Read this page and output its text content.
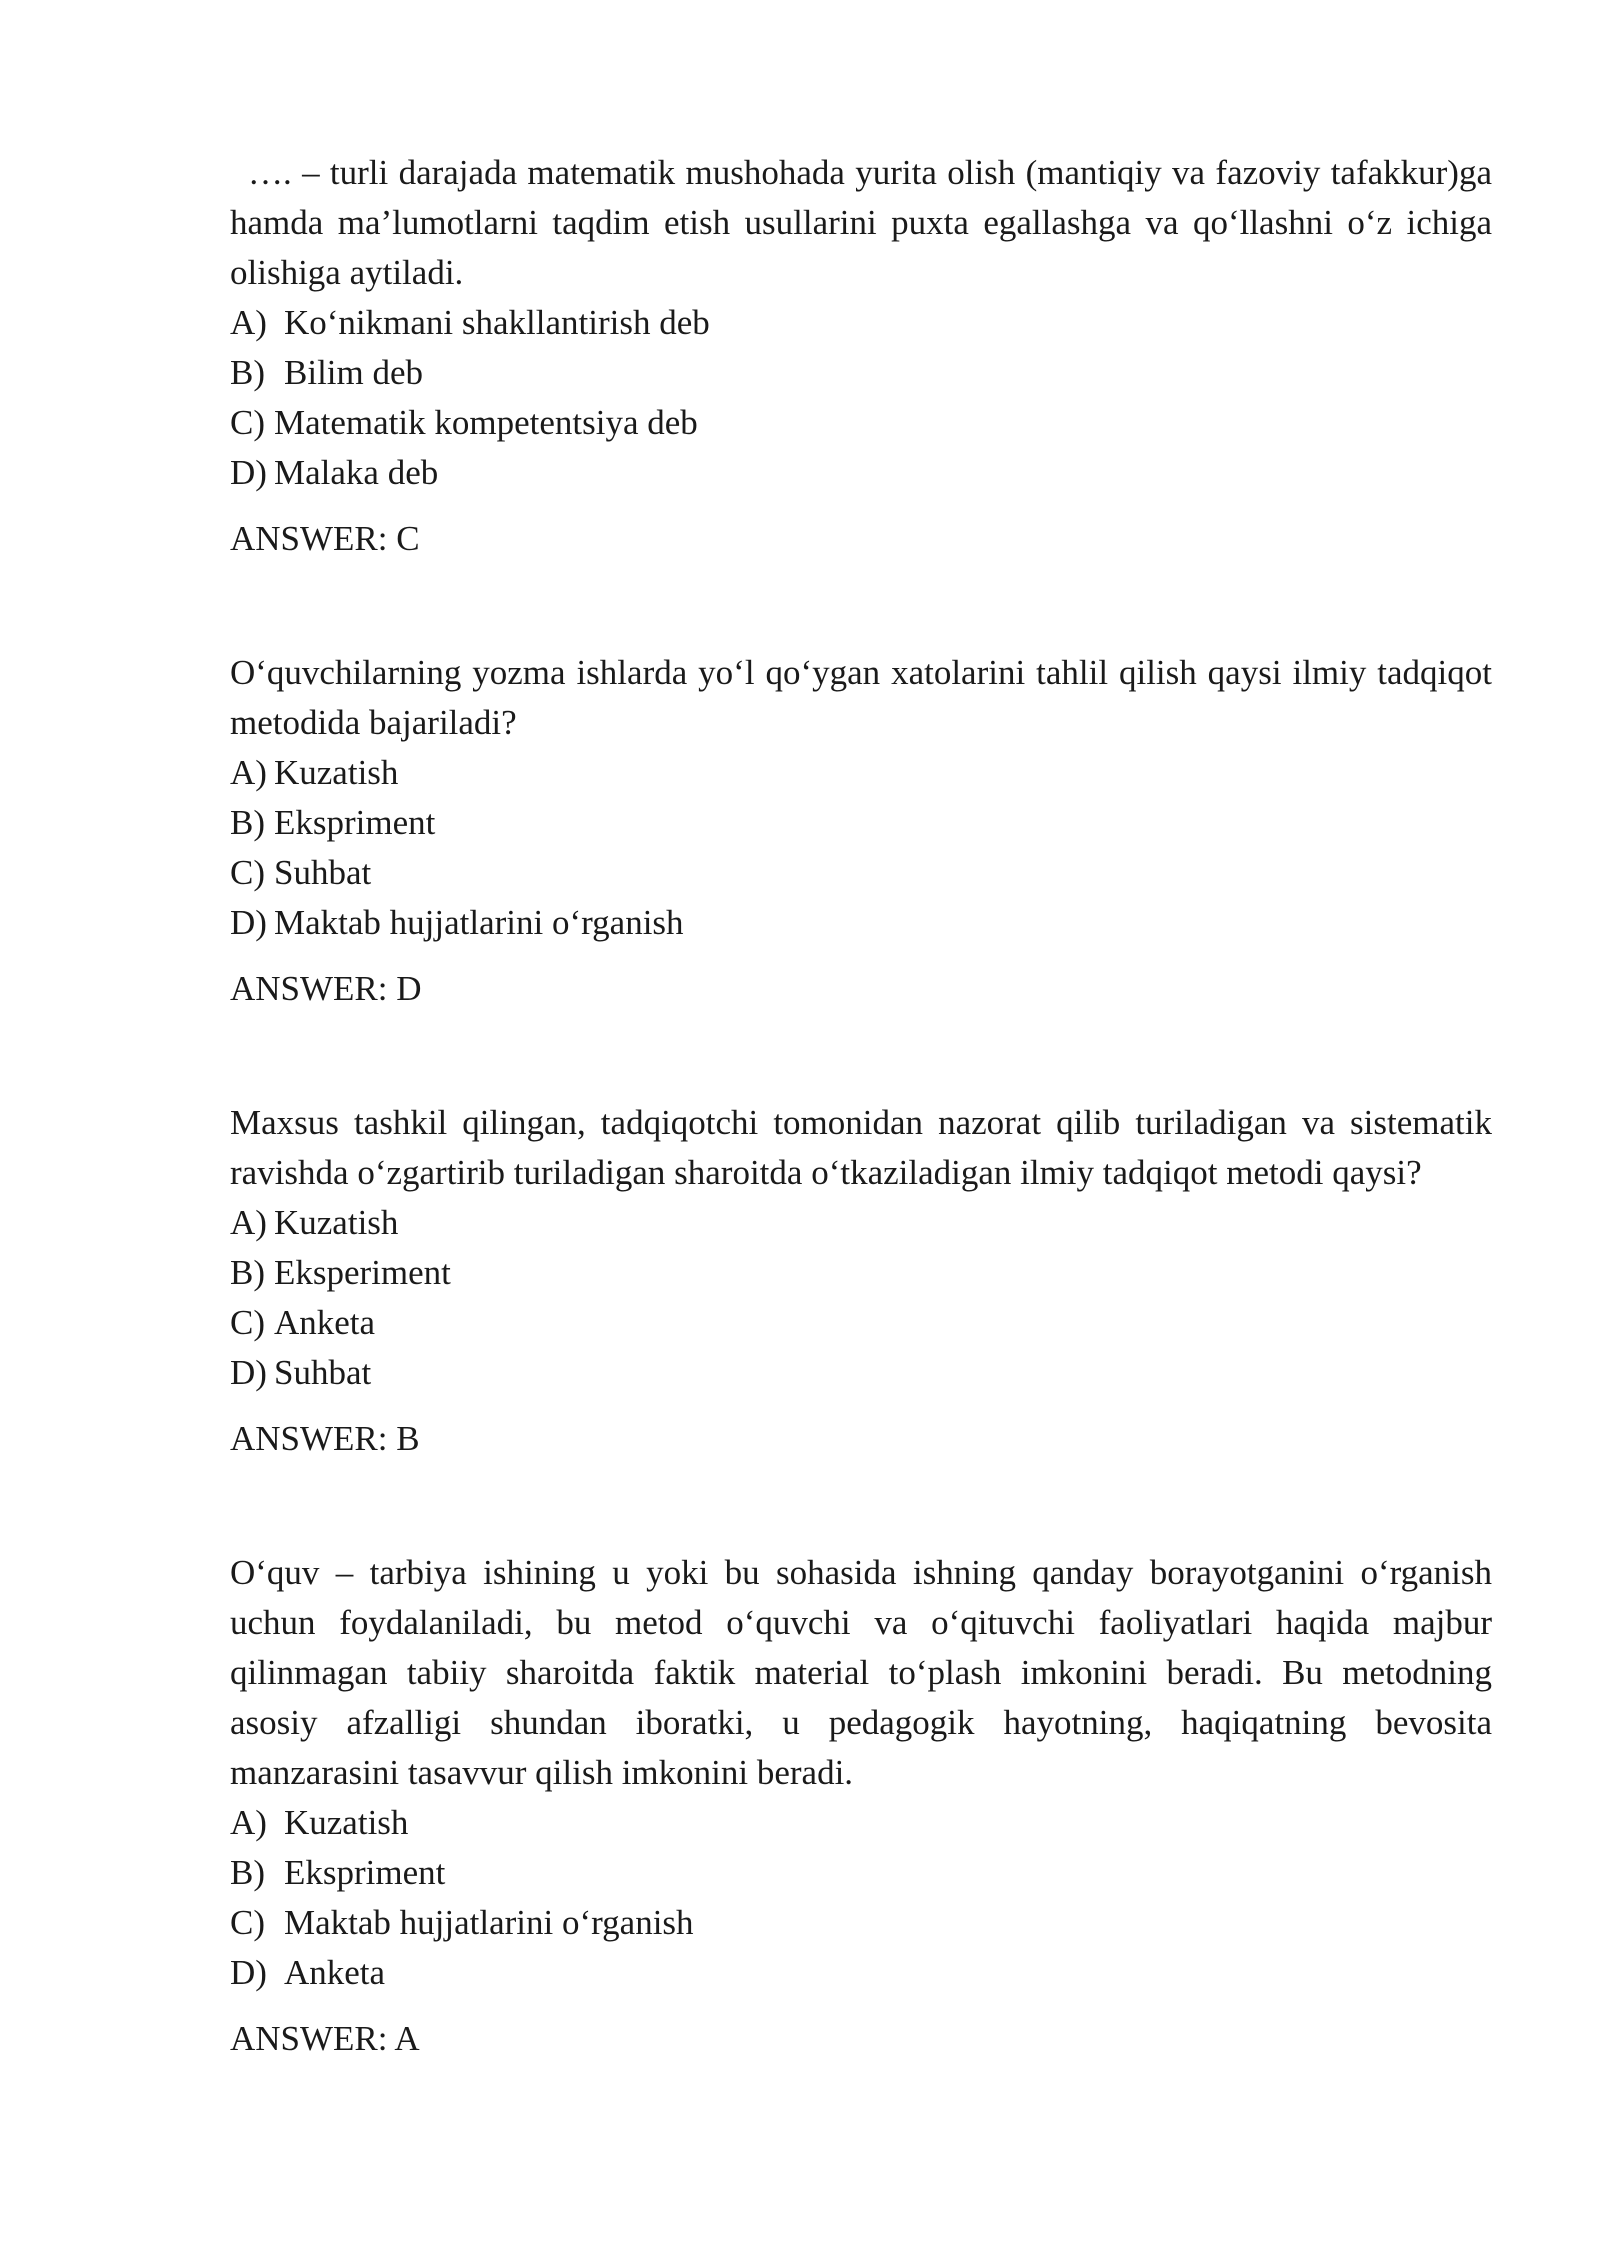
…. – turli darajada matematik mushohada yurita olish (mantiqiy va fazoviy tafakkur)ga hamda ma’lumotlarni taqdim etish usullarini puxta egallashga va qo‘llashni o‘z ichiga olishiga aytiladi.

A) Ko‘nikmani shakllantirish deb
B) Bilim deb
C) Matematik kompetentsiya deb
D) Malaka deb
ANSWER: C

O‘quvchilarning yozma ishlarda yo‘l qo‘ygan xatolarini tahlil qilish qaysi ilmiy tadqiqot metodida bajariladi?

A) Kuzatish
B) Ekspriment
C) Suhbat
D) Maktab hujjatlarini o‘rganish
ANSWER: D

Maxsus tashkil qilingan, tadqiqotchi tomonidan nazorat qilib turiladigan va sistematik ravishda o‘zgartirib turiladigan sharoitda o‘tkaziladigan ilmiy tadqiqot metodi qaysi?

A) Kuzatish
B) Eksperiment
C) Anketa
D) Suhbat
ANSWER: B

O‘quv – tarbiya ishining u yoki bu sohasida ishning qanday borayotganini o‘rganish uchun foydalaniladi, bu metod o‘quvchi va o‘qituvchi faoliyatlari haqida majbur qilinmagan tabiiy sharoitda faktik material to‘plash imkonini beradi. Bu metodning asosiy afzalligi shundan iboratki, u pedagogik hayotning, haqiqatning bevosita manzarasini tasavvur qilish imkonini beradi.

A) Kuzatish
B) Ekspriment
C) Maktab hujjatlarini o‘rganish
D) Anketa
ANSWER: A
